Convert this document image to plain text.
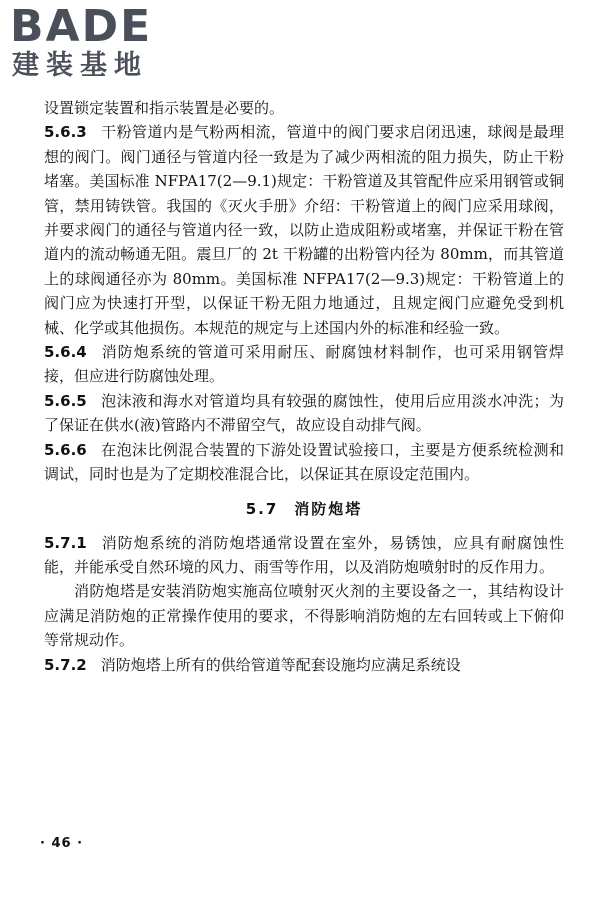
BADE
建装基地

设置锁定装置和指示装置是必要的。

5.6.3 干粉管道内是气粉两相流，管道中的阀门要求启闭迅速，球阀是最理想的阀门。阀门通径与管道内径一致是为了减少两相流的阻力损失，防止干粉堵塞。美国标准 NFPA17(2—9.1)规定：干粉管道及其管配件应采用钢管或铜管，禁用铸铁管。我国的《灭火手册》介绍：干粉管道上的阀门应采用球阀，并要求阀门的通径与管道内径一致，以防止造成阻粉或堵塞，并保证干粉在管道内的流动畅通无阻。震旦厂的 2t 干粉罐的出粉管内径为 80mm，而其管道上的球阀通径亦为 80mm。美国标准 NFPA17(2—9.3)规定：干粉管道上的阀门应为快速打开型，以保证干粉无阻力地通过，且规定阀门应避免受到机械、化学或其他损伤。本规范的规定与上述国内外的标准和经验一致。

5.6.4 消防炮系统的管道可采用耐压、耐腐蚀材料制作，也可采用钢管焊接，但应进行防腐蚀处理。

5.6.5 泡沫液和海水对管道均具有较强的腐蚀性，使用后应用淡水冲洗；为了保证在供水(液)管路内不滞留空气，故应设自动排气阀。

5.6.6 在泡沫比例混合装置的下游处设置试验接口，主要是方便系统检测和调试，同时也是为了定期校准混合比，以保证其在原设定范围内。

5.7 消防炮塔

5.7.1 消防炮系统的消防炮塔通常设置在室外，易锈蚀，应具有耐腐蚀性能，并能承受自然环境的风力、雨雪等作用，以及消防炮喷射时的反作用力。

消防炮塔是安装消防炮实施高位喷射灭火剂的主要设备之一，其结构设计应满足消防炮的正常操作使用的要求，不得影响消防炮的左右回转或上下俯仰等常规动作。

5.7.2 消防炮塔上所有的供给管道等配套设施均应满足系统设

· 46 ·
